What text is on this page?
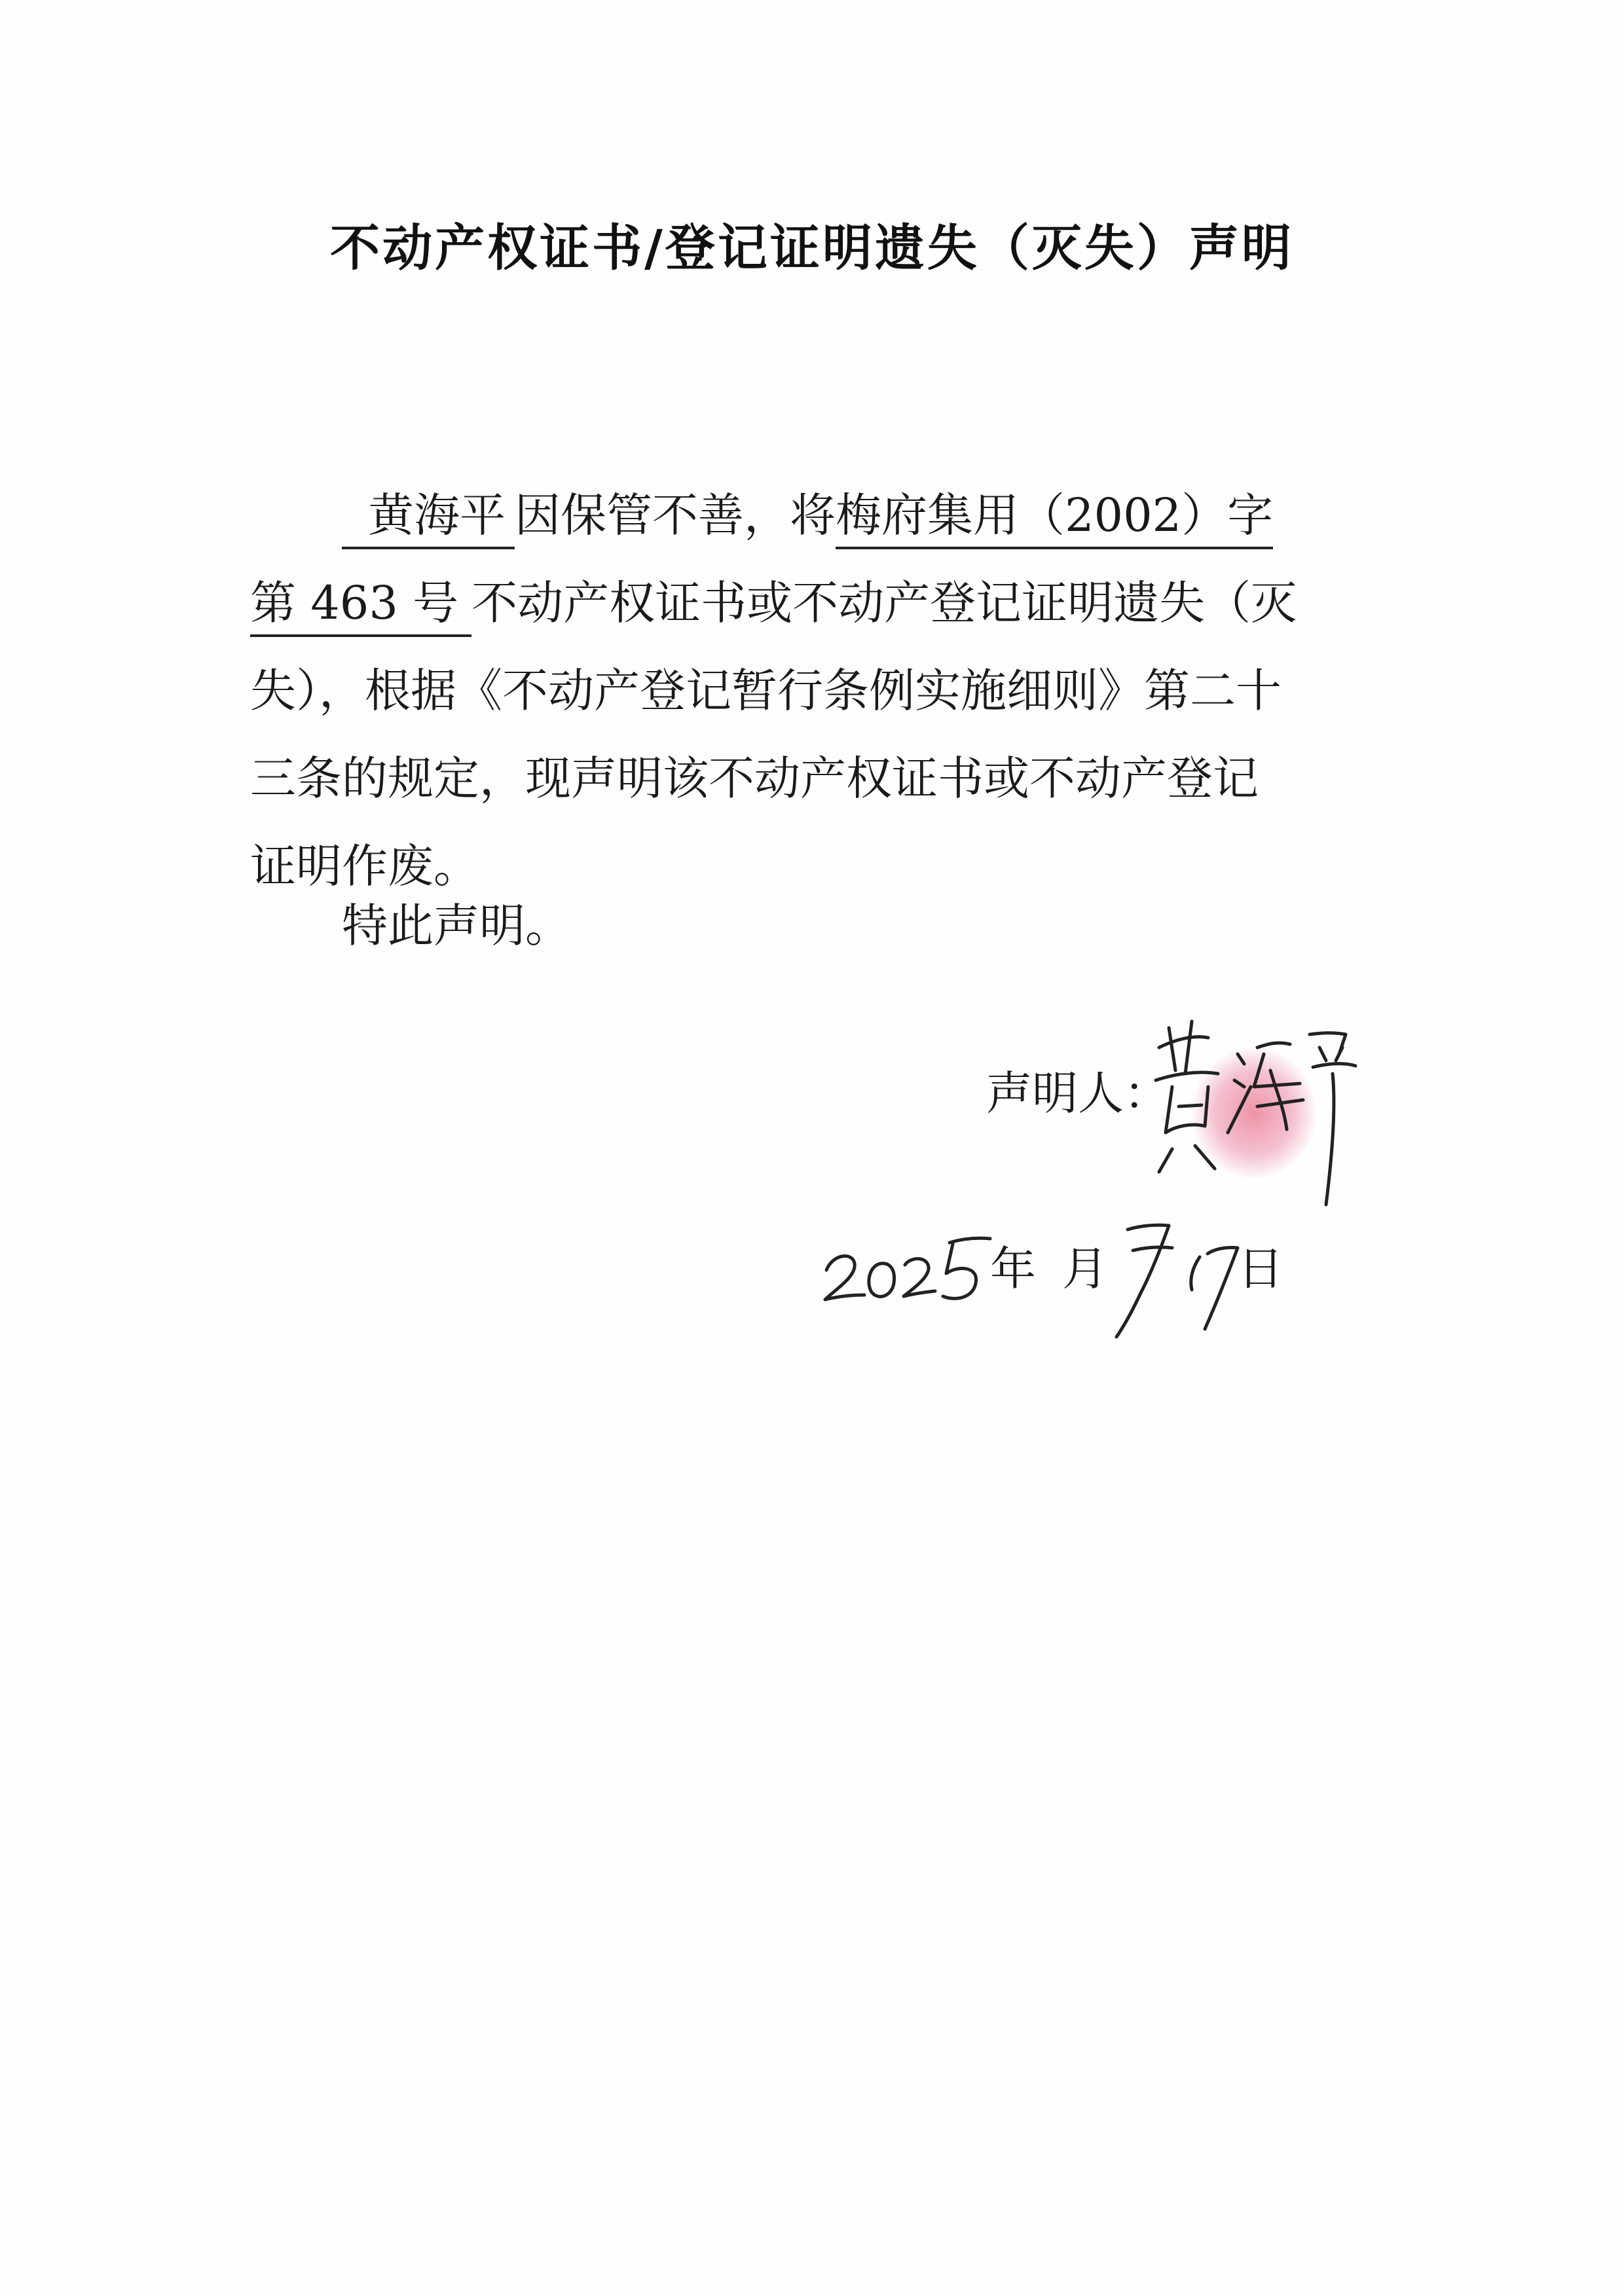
不动产权证书/登记证明遗失（灭失）声明
黄海平 因保管不善，将梅府集用（2002）字
第 463 号 不动产权证书或不动产登记证明遗失（灭
失），根据《不动产登记暂行条例实施细则》第二十
三条的规定，现声明该不动产权证书或不动产登记
证明作废。
特此声明。
声明人：
年 月	日
